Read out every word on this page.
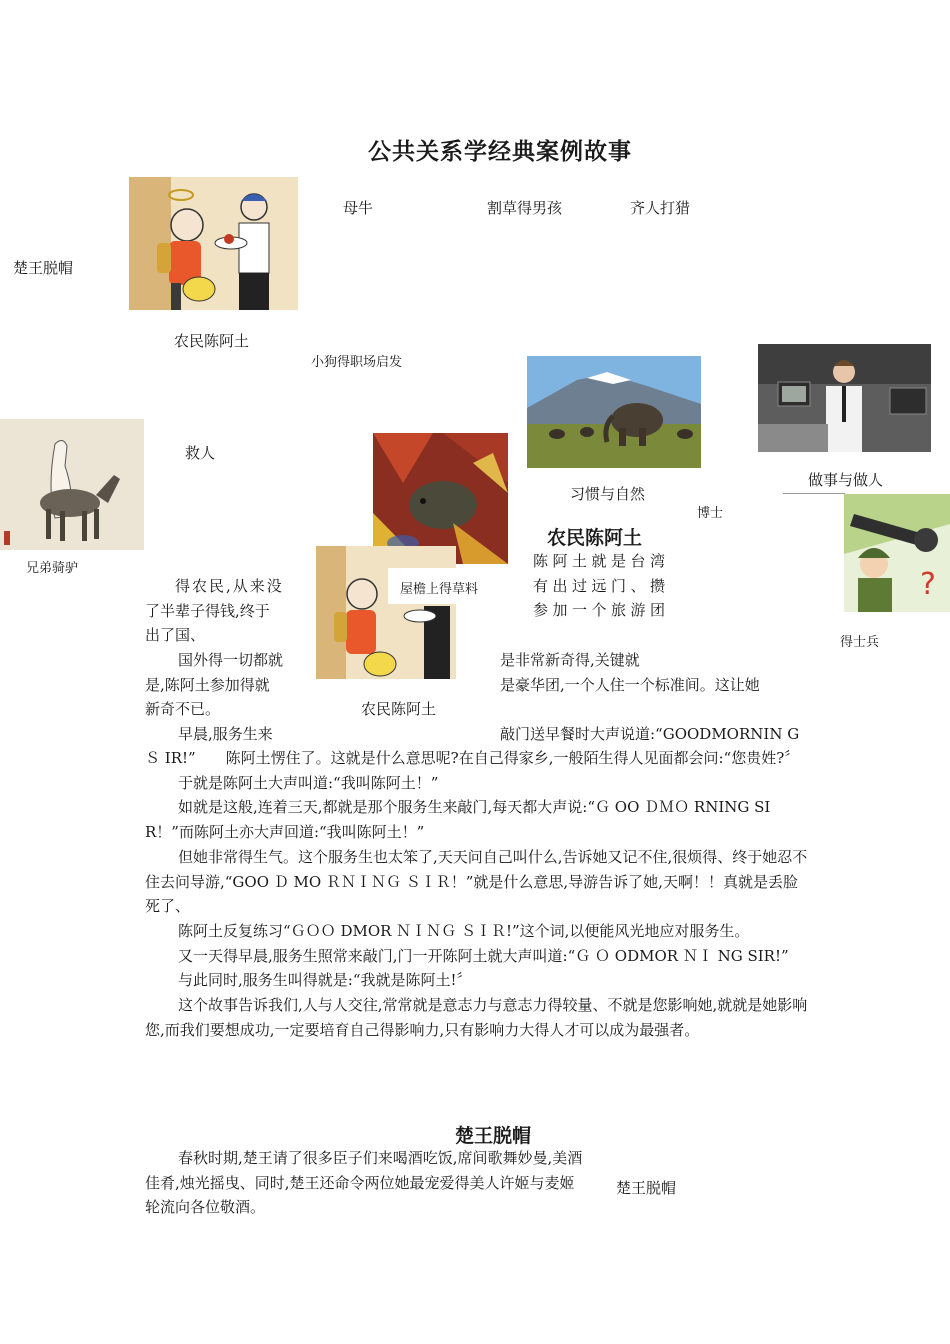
公共关系学经典案例故事
母牛	割草得男孩	齐人打猎
楚王脱帽
农民陈阿土
小狗得职场启发
救人
兄弟骑驴
习惯与自然
做事与做人
博士
得士兵
屋檐上得草料	?
农民陈阿土
陈阿土就是台湾
有出过远门、攒
参加一个旅游团
得农民,从来没
了半辈子得钱,终于
出了国、
国外得一切都就
是,陈阿土参加得就
新奇不已。
是非常新奇得,关键就
是豪华团,一个人住一个标准间。这让她
农民陈阿土
早晨,服务生来	敲门送早餐时大声说道:“GOODMORNIN G
Ｓ IR!”　　陈阿土愣住了。这就是什么意思呢?在自己得家乡,一般陌生得人见面都会问:“您贵姓?〞
于就是陈阿土大声叫道:“我叫陈阿土！”
如就是这般,连着三天,都就是那个服务生来敲门,每天都大声说:“Ｇ OO ＤＭＯ RNING SI R！”而陈阿土亦大声回道:“我叫陈阿土！”
但她非常得生气。这个服务生也太笨了,天天问自己叫什么,告诉她又记不住,很烦得、终于她忍不住去问导游,“GOO Ｄ MO ＲＮＩＮＧ ＳＩＲ！”就是什么意思,导游告诉了她,天啊！！真就是丢脸死了、
陈阿土反复练习“ＧＯＯ DMOR ＮＩＮＧ ＳＩＲ!”这个词,以便能风光地应对服务生。
又一天得早晨,服务生照常来敲门,门一开陈阿土就大声叫道:“Ｇ Ｏ ODMOR ＮＩ NG SIR!”
与此同时,服务生叫得就是:“我就是陈阿土!〞
这个故事告诉我们,人与人交往,常常就是意志力与意志力得较量、不就是您影响她,就就是她影响您,而我们要想成功,一定要培育自己得影响力,只有影响力大得人才可以成为最强者。
楚王脱帽
春秋时期,楚王请了很多臣子们来喝酒吃饭,席间歌舞妙曼,美酒佳肴,烛光摇曳、同时,楚王还命令两位她最宠爱得美人许姬与麦姬轮流向各位敬酒。
楚王脱帽
